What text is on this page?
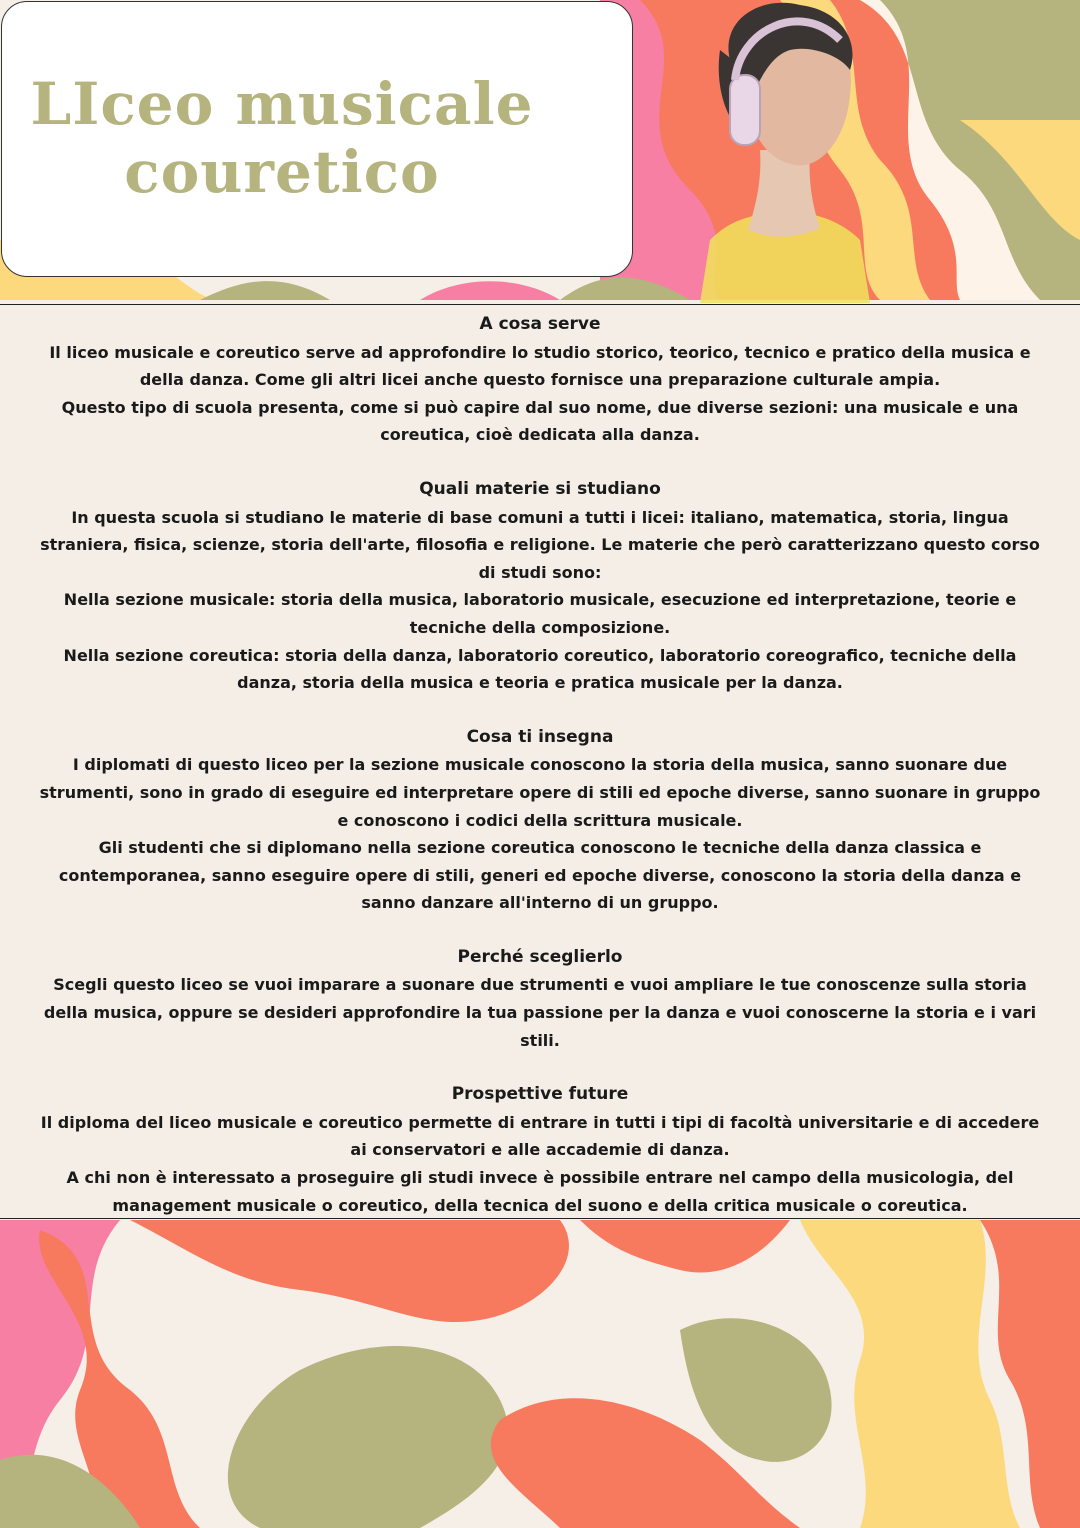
LIceo musicale
couretico
A cosa serve
Il liceo musicale e coreutico serve ad approfondire lo studio storico, teorico, tecnico e pratico della musica e della danza. Come gli altri licei anche questo fornisce una preparazione culturale ampia.
Questo tipo di scuola presenta, come si può capire dal suo nome, due diverse sezioni: una musicale e una coreutica, cioè dedicata alla danza.
Quali materie si studiano
In questa scuola si studiano le materie di base comuni a tutti i licei: italiano, matematica, storia, lingua straniera, fisica, scienze, storia dell'arte, filosofia e religione. Le materie che però caratterizzano questo corso di studi sono:
Nella sezione musicale: storia della musica, laboratorio musicale, esecuzione ed interpretazione, teorie e tecniche della composizione.
Nella sezione coreutica: storia della danza, laboratorio coreutico, laboratorio coreografico, tecniche della danza, storia della musica e teoria e pratica musicale per la danza.
Cosa ti insegna
I diplomati di questo liceo per la sezione musicale conoscono la storia della musica, sanno suonare due strumenti, sono in grado di eseguire ed interpretare opere di stili ed epoche diverse, sanno suonare in gruppo e conoscono i codici della scrittura musicale.
Gli studenti che si diplomano nella sezione coreutica conoscono le tecniche della danza classica e contemporanea, sanno eseguire opere di stili, generi ed epoche diverse, conoscono la storia della danza e sanno danzare all'interno di un gruppo.
Perché sceglierlo
Scegli questo liceo se vuoi imparare a suonare due strumenti e vuoi ampliare le tue conoscenze sulla storia della musica, oppure se desideri approfondire la tua passione per la danza e vuoi conoscerne la storia e i vari stili.
Prospettive future
Il diploma del liceo musicale e coreutico permette di entrare in tutti i tipi di facoltà universitarie e di accedere ai conservatori e alle accademie di danza.
A chi non è interessato a proseguire gli studi invece è possibile entrare nel campo della musicologia, del management musicale o coreutico, della tecnica del suono e della critica musicale o coreutica.
